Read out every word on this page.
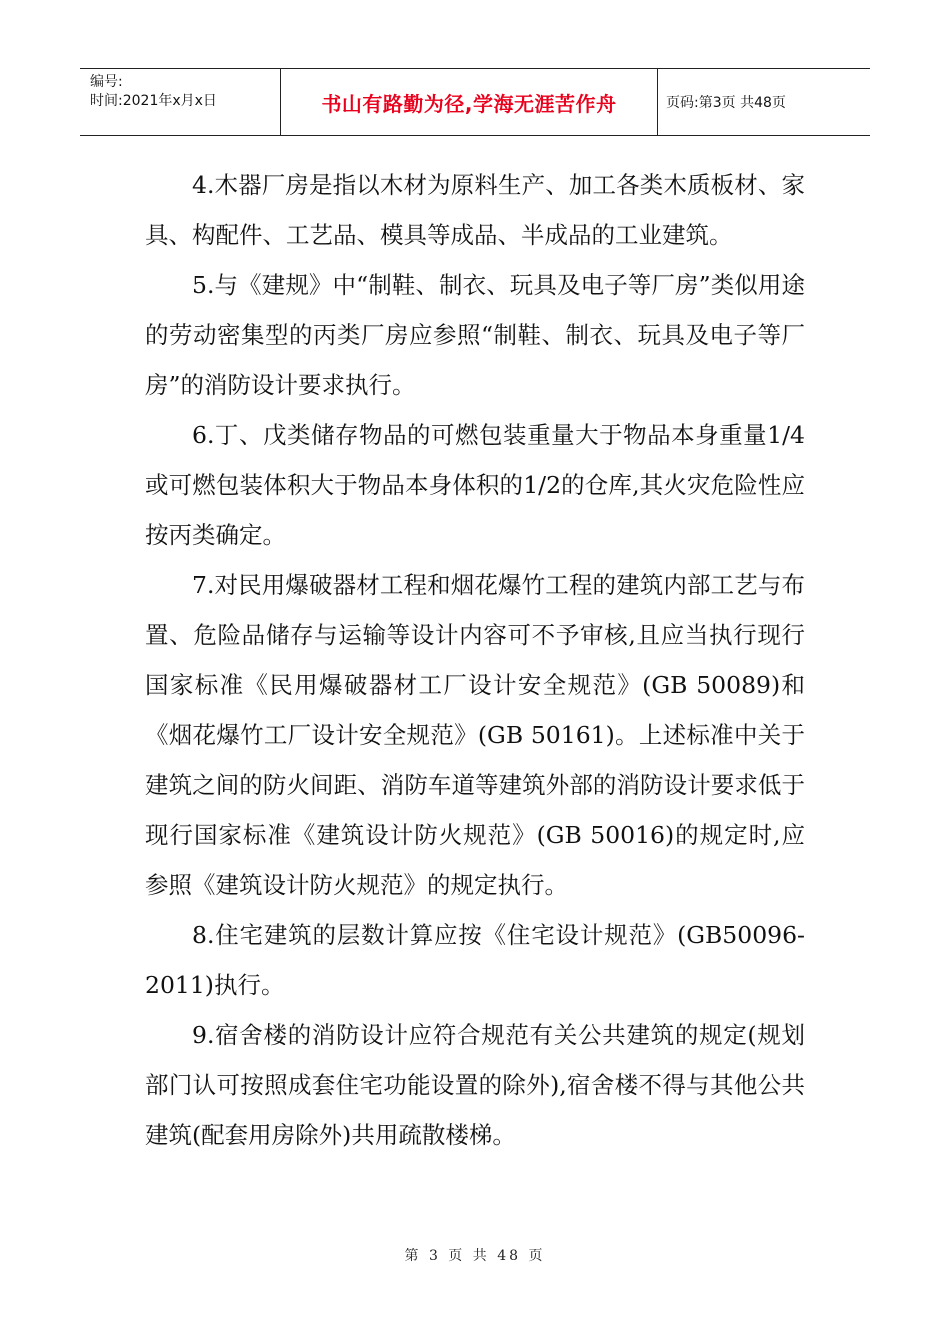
编号:
时间:2021年x月x日	书山有路勤为径,学海无涯苦作舟	页码:第3页 共48页

4.木器厂房是指以木材为原料生产、加工各类木质板材、家具、构配件、工艺品、模具等成品、半成品的工业建筑。

5.与《建规》中“制鞋、制衣、玩具及电子等厂房”类似用途的劳动密集型的丙类厂房应参照“制鞋、制衣、玩具及电子等厂房”的消防设计要求执行。

6.丁、戊类储存物品的可燃包装重量大于物品本身重量1/4或可燃包装体积大于物品本身体积的1/2的仓库,其火灾危险性应按丙类确定。

7.对民用爆破器材工程和烟花爆竹工程的建筑内部工艺与布置、危险品储存与运输等设计内容可不予审核,且应当执行现行国家标准《民用爆破器材工厂设计安全规范》(GB 50089)和《烟花爆竹工厂设计安全规范》(GB 50161)。上述标准中关于建筑之间的防火间距、消防车道等建筑外部的消防设计要求低于现行国家标准《建筑设计防火规范》(GB 50016)的规定时,应参照《建筑设计防火规范》的规定执行。

8.住宅建筑的层数计算应按《住宅设计规范》(GB50096-2011)执行。

9.宿舍楼的消防设计应符合规范有关公共建筑的规定(规划部门认可按照成套住宅功能设置的除外),宿舍楼不得与其他公共建筑(配套用房除外)共用疏散楼梯。

第 3 页 共 48 页
